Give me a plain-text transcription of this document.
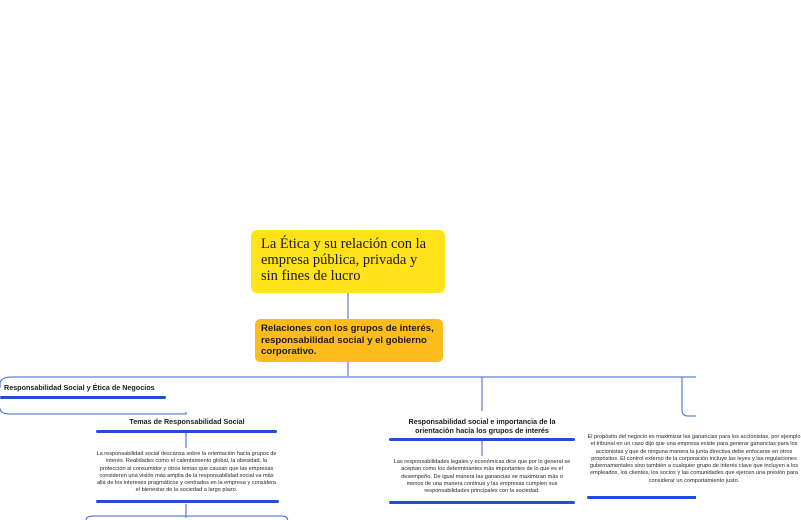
La Ética y su relación con la empresa pública, privada y sin fines de lucro
Relaciones con los grupos de interés, responsabilidad social y el gobierno corporativo.
Responsabilidad Social y Ética de Negocios
Temas de Responsabilidad Social
La responsabilidad social descansa sobre la orientación hacia grupos de interés. Realidades como el calentamiento global, la obesidad, la protección al consumidor y otros temas que causan que las empresas consideren una visión más amplia de la responsabilidad social va más allá de los intereses pragmáticos y centrados en la empresa y considera el bienestar de la sociedad a largo plazo.
Responsabilidad social e importancia de la orientación hacia los grupos de interés
Las responsabilidades legales y económicas dice que por lo general se aceptan como los determinantes más importantes de lo que es el desempeño. De igual manera las ganancias se maximizan más o menos de una manera continua y las empresas cumplen sus responsabilidades principales con la sociedad.
El propósito del negocio es maximizar las ganancias para los accionistas, por ejemplo el tribunal en un caso dijo que una empresa existe para generar ganancias para los accionistas y que de ninguna manera la junta directiva debe enfocarse en otros propósitos. El control externo de la corporación incluye las leyes y las regulaciones gubernamentales sino también a cualquier grupo de interés clave que incluyen a los empleados, los clientes, los socios y las comunidades que ejercen una presión para considerar un comportamiento justo.
